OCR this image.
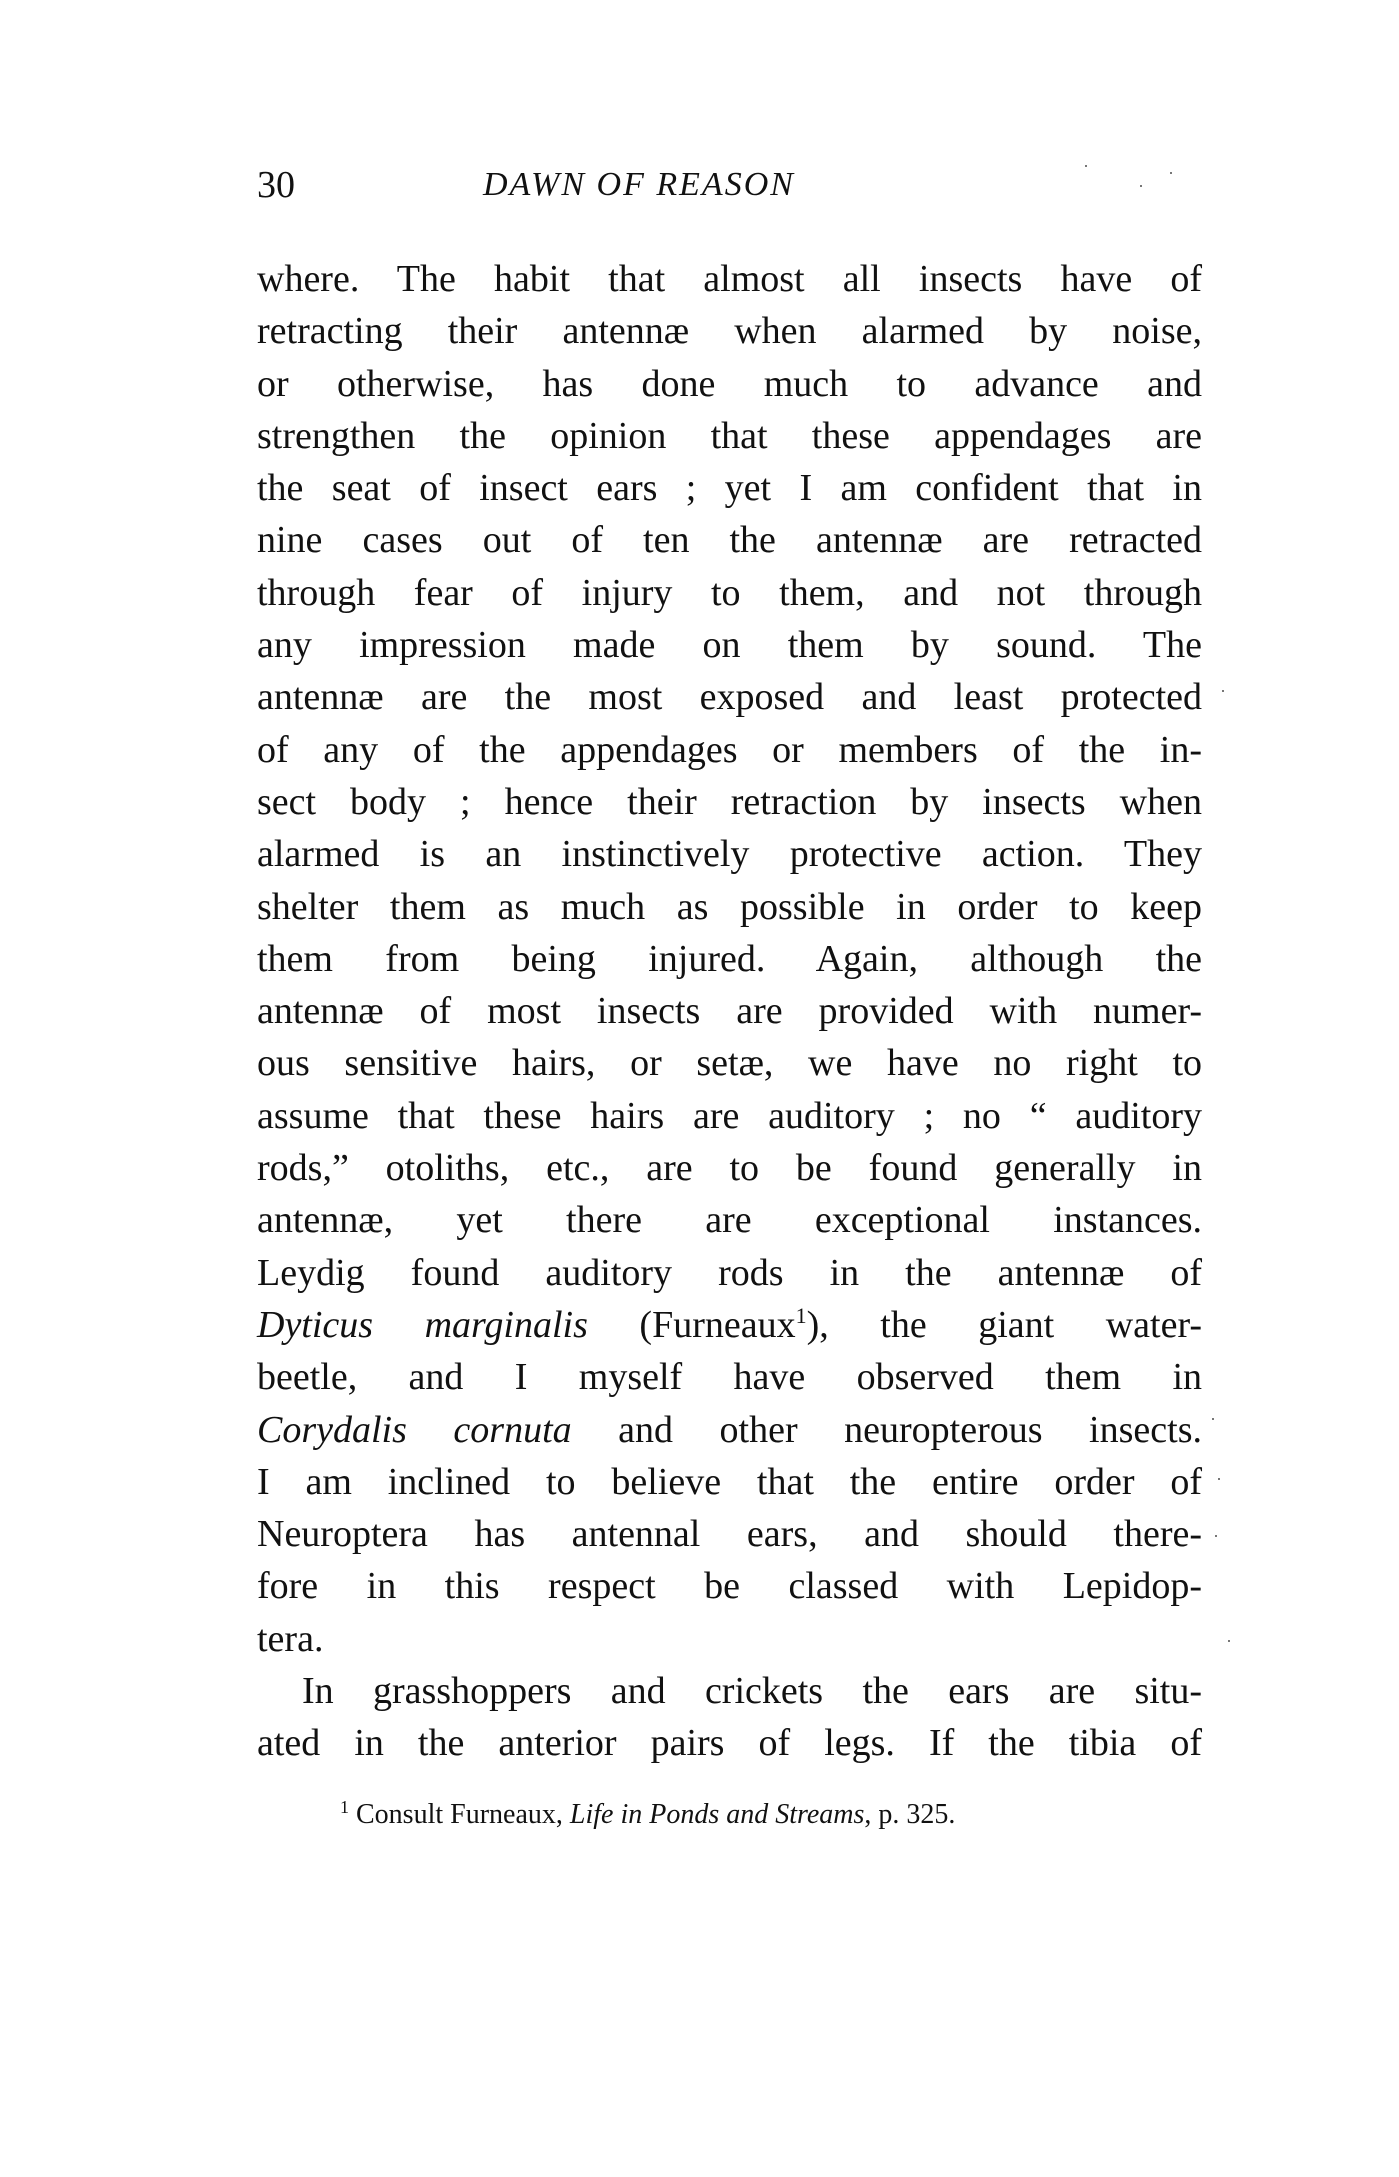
30	DAWN OF REASON
where. The habit that almost all insects have of
retracting their antennæ when alarmed by noise,
or otherwise, has done much to advance and
strengthen the opinion that these appendages are
the seat of insect ears ; yet I am confident that in
nine cases out of ten the antennæ are retracted
through fear of injury to them, and not through
any impression made on them by sound. The
antennæ are the most exposed and least protected
of any of the appendages or members of the in-
sect body ; hence their retraction by insects when
alarmed is an instinctively protective action. They
shelter them as much as possible in order to keep
them from being injured. Again, although the
antennæ of most insects are provided with numer-
ous sensitive hairs, or setæ, we have no right to
assume that these hairs are auditory ; no “ auditory
rods,” otoliths, etc., are to be found generally in
antennæ, yet there are exceptional instances.
Leydig found auditory rods in the antennæ of
Dyticus marginalis (Furneaux$^1$), the giant water-
beetle, and I myself have observed them in
Corydalis cornuta and other neuropterous insects.
I am inclined to believe that the entire order of
Neuroptera has antennal ears, and should there-
fore in this respect be classed with Lepidop-
tera.
In grasshoppers and crickets the ears are situ-
ated in the anterior pairs of legs. If the tibia of
$^1$ Consult Furneaux, Life in Ponds and Streams, p. 325.
